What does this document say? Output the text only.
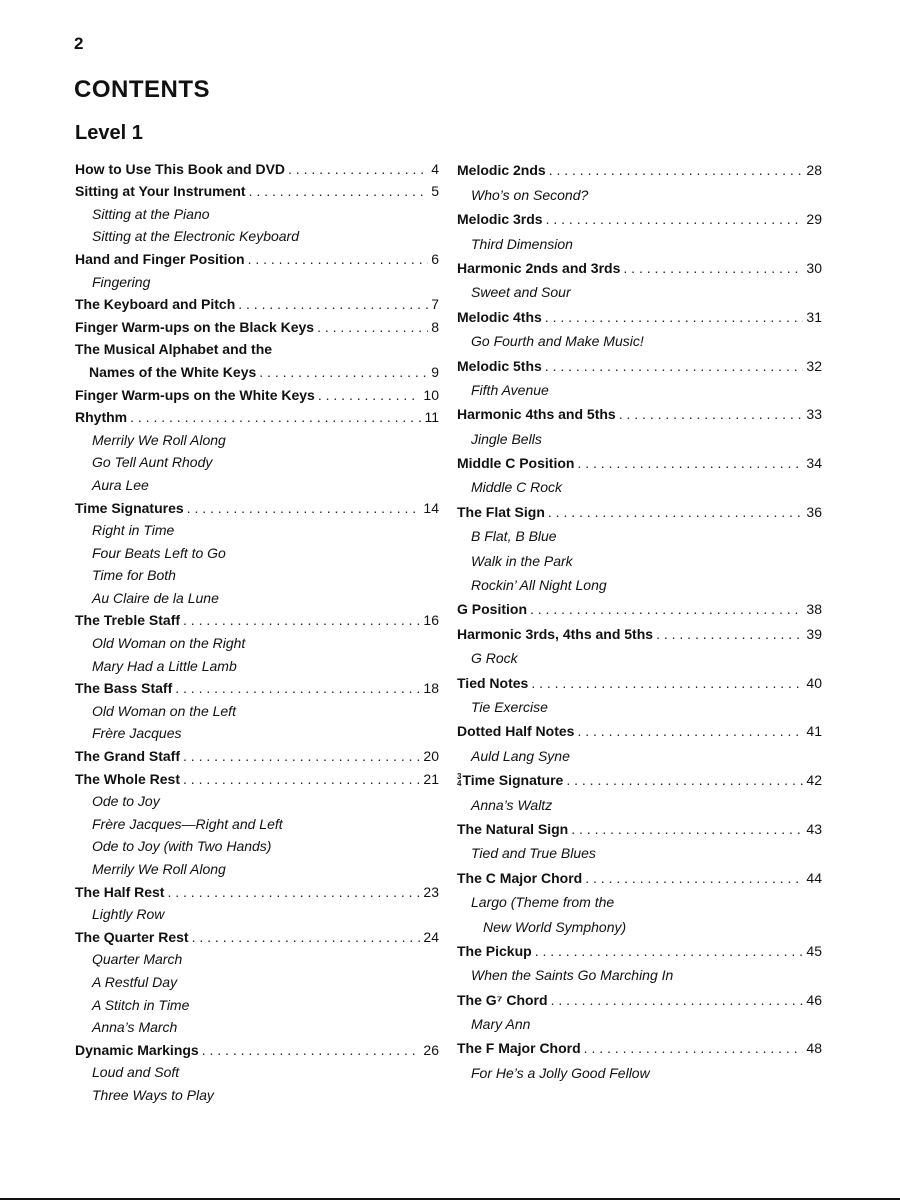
2
CONTENTS
Level 1
How to Use This Book and DVD . . .	4
Sitting at Your Instrument . . .	5
Sitting at the Piano
Sitting at the Electronic Keyboard
Hand and Finger Position . . .	6
Fingering
The Keyboard and Pitch . . .	7
Finger Warm-ups on the Black Keys . . .	8
The Musical Alphabet and the
Names of the White Keys . . .	9
Finger Warm-ups on the White Keys . . .	10
Rhythm . . .	11
Merrily We Roll Along
Go Tell Aunt Rhody
Aura Lee
Time Signatures . . .	14
Right in Time
Four Beats Left to Go
Time for Both
Au Claire de la Lune
The Treble Staff . . .	16
Old Woman on the Right
Mary Had a Little Lamb
The Bass Staff . . .	18
Old Woman on the Left
Frère Jacques
The Grand Staff . . .	20
The Whole Rest . . .	21
Ode to Joy
Frère Jacques—Right and Left
Ode to Joy (with Two Hands)
Merrily We Roll Along
The Half Rest . . .	23
Lightly Row
The Quarter Rest . . .	24
Quarter March
A Restful Day
A Stitch in Time
Anna’s March
Dynamic Markings . . .	26
Loud and Soft
Three Ways to Play
Melodic 2nds . . .	28
Who’s on Second?
Melodic 3rds . . .	29
Third Dimension
Harmonic 2nds and 3rds . . .	30
Sweet and Sour
Melodic 4ths . . .	31
Go Fourth and Make Music!
Melodic 5ths . . .	32
Fifth Avenue
Harmonic 4ths and 5ths . . .	33
Jingle Bells
Middle C Position . . .	34
Middle C Rock
The Flat Sign . . .	36
B Flat, B Blue
Walk in the Park
Rockin’ All Night Long
G Position . . .	38
Harmonic 3rds, 4ths and 5ths . . .	39
G Rock
Tied Notes . . .	40
Tie Exercise
Dotted Half Notes . . .	41
Auld Lang Syne
3
4 Time Signature . . .	42
Anna’s Waltz
The Natural Sign . . .	43
Tied and True Blues
The C Major Chord . . .	44
Largo (Theme from the
New World Symphony)
The Pickup . . .	45
When the Saints Go Marching In
The G⁷ Chord . . .	46
Mary Ann
The F Major Chord . . .	48
For He’s a Jolly Good Fellow
